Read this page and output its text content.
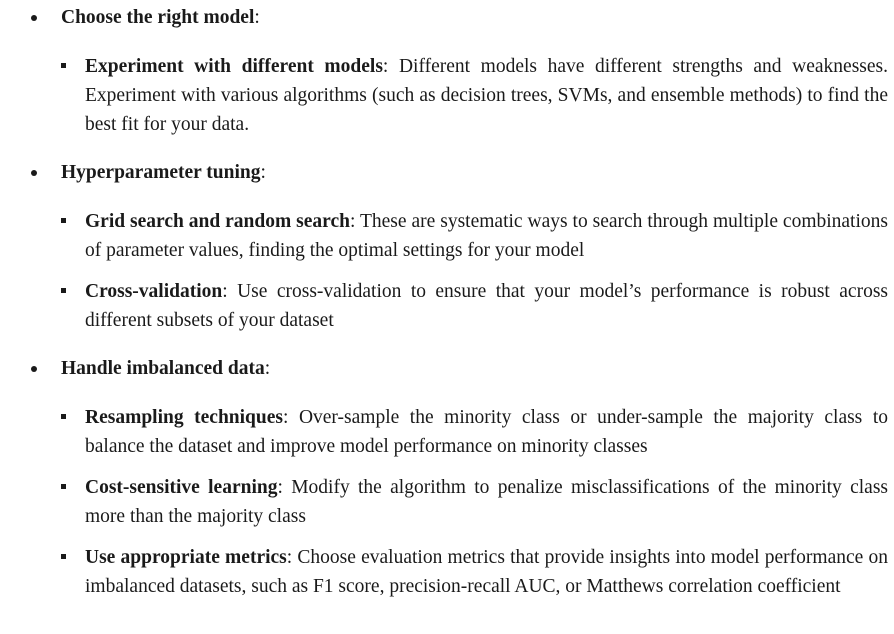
Choose the right model:
Experiment with different models: Different models have different strengths and weaknesses. Experiment with various algorithms (such as decision trees, SVMs, and ensemble methods) to find the best fit for your data.
Hyperparameter tuning:
Grid search and random search: These are systematic ways to search through multiple combinations of parameter values, finding the optimal settings for your model
Cross-validation: Use cross-validation to ensure that your model’s performance is robust across different subsets of your dataset
Handle imbalanced data:
Resampling techniques: Over-sample the minority class or under-sample the majority class to balance the dataset and improve model performance on minority classes
Cost-sensitive learning: Modify the algorithm to penalize misclassifications of the minority class more than the majority class
Use appropriate metrics: Choose evaluation metrics that provide insights into model performance on imbalanced datasets, such as F1 score, precision-recall AUC, or Matthews correlation coefficient
